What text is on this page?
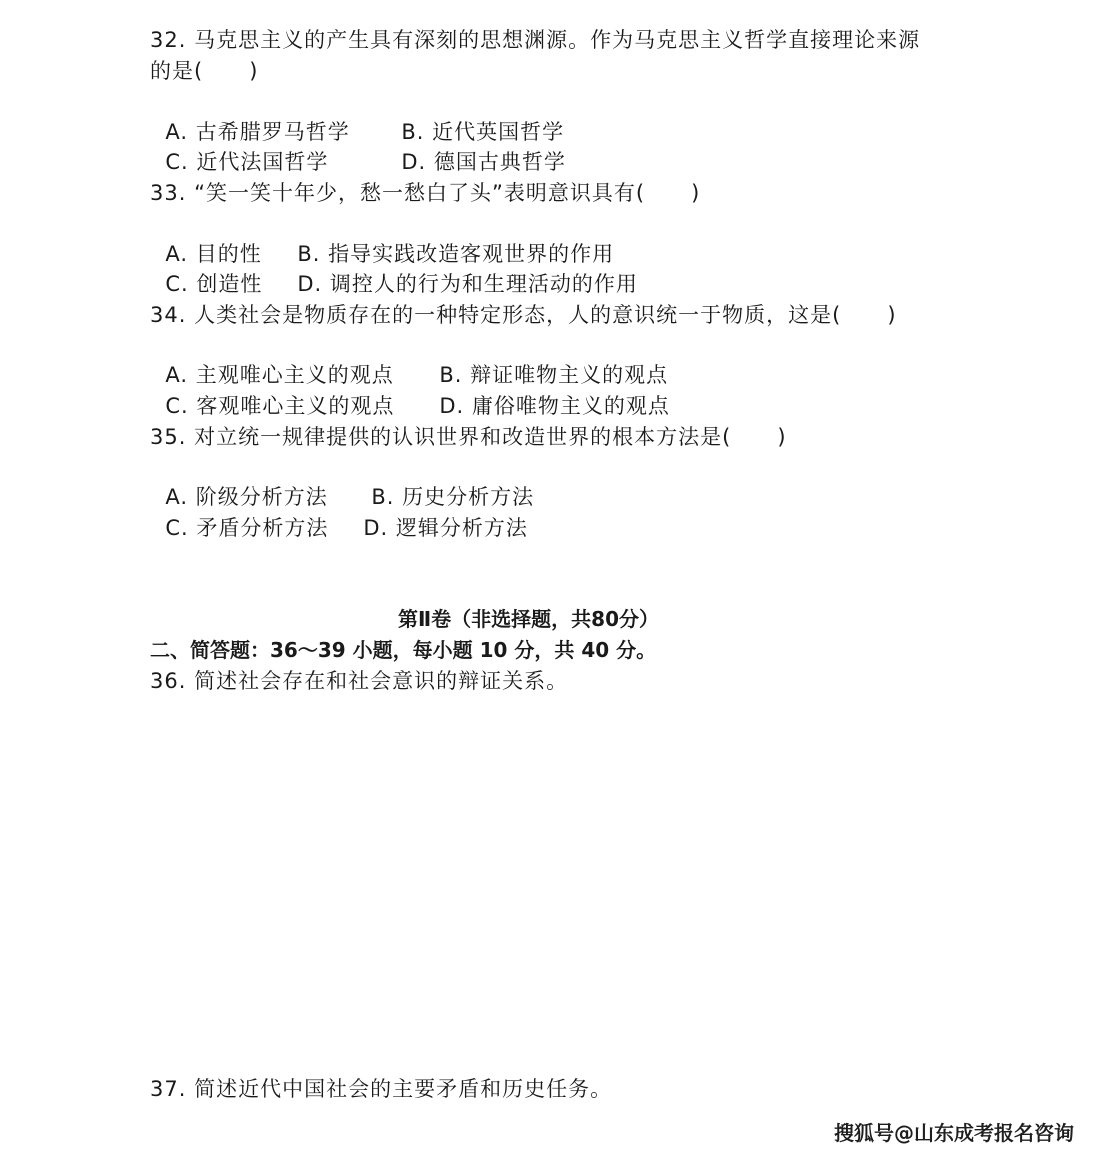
32. 马克思主义的产生具有深刻的思想渊源。作为马克思主义哲学直接理论来源
的是(      )

A. 古希腊罗马哲学 B. 近代英国哲学

C. 近代法国哲学	D. 德国古典哲学

33. “笑一笑十年少，愁一愁白了头”表明意识具有(      )

A. 目的性 B. 指导实践改造客观世界的作用

C. 创造性 D. 调控人的行为和生理活动的作用

34. 人类社会是物质存在的一种特定形态，人的意识统一于物质，这是(      )

A. 主观唯心主义的观点 B. 辩证唯物主义的观点

C. 客观唯心主义的观点 D. 庸俗唯物主义的观点

35. 对立统一规律提供的认识世界和改造世界的根本方法是(      )

A. 阶级分析方法 B. 历史分析方法

C. 矛盾分析方法 D. 逻辑分析方法

第Ⅱ卷（非选择题，共80分）
二、简答题：36～39 小题，每小题 10 分，共 40 分。
36. 简述社会存在和社会意识的辩证关系。
37. 简述近代中国社会的主要矛盾和历史任务。
搜狐号@山东成考报名咨询
